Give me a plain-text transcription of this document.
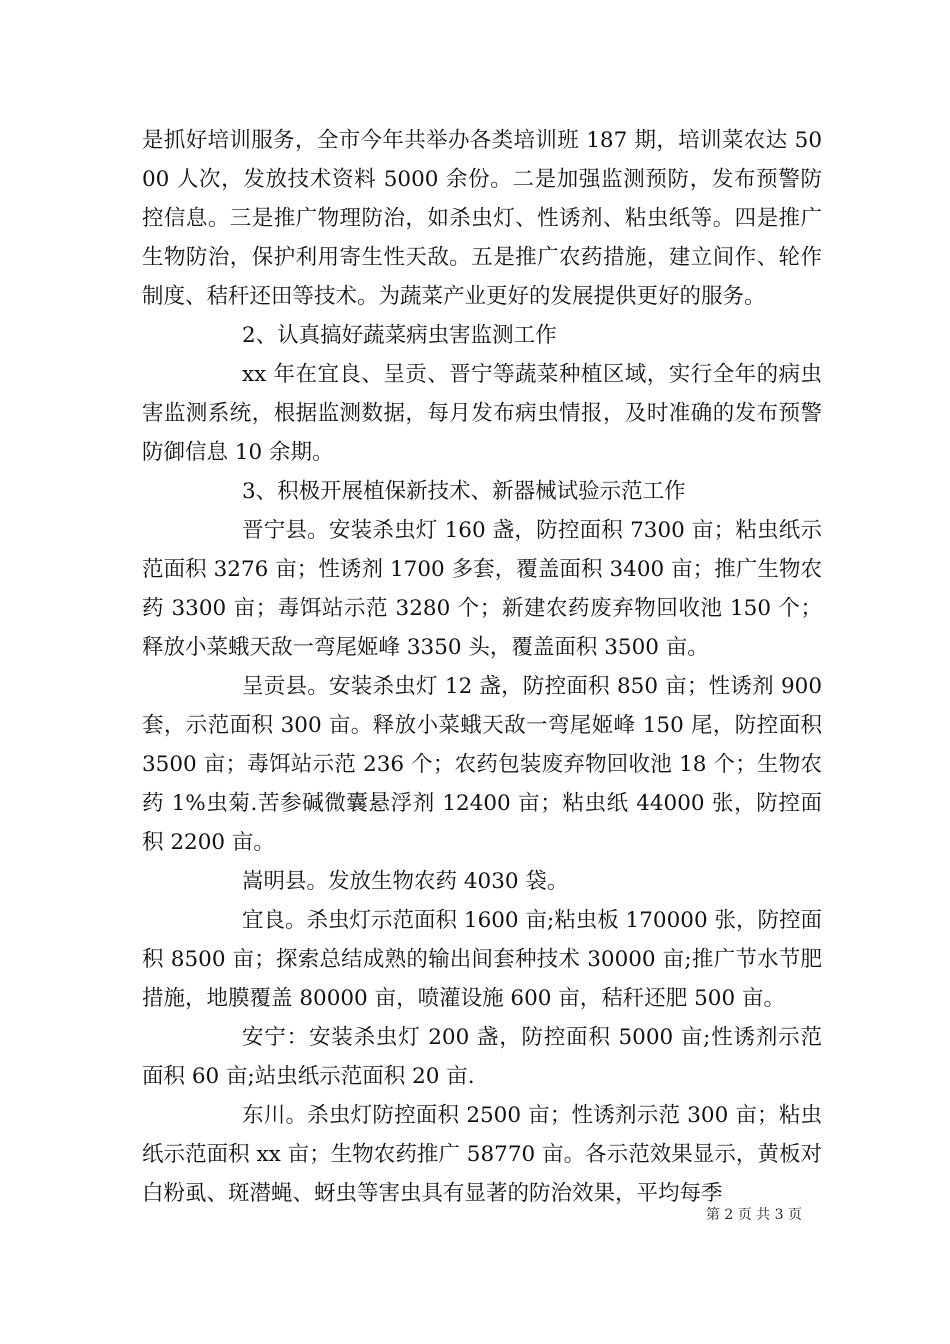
是抓好培训服务，全市今年共举办各类培训班 187 期，培训菜农达 5000 人次，发放技术资料 5000 余份。二是加强监测预防，发布预警防控信息。三是推广物理防治，如杀虫灯、性诱剂、粘虫纸等。四是推广生物防治，保护利用寄生性天敌。五是推广农药措施，建立间作、轮作制度、秸秆还田等技术。为蔬菜产业更好的发展提供更好的服务。

2、认真搞好蔬菜病虫害监测工作

xx 年在宜良、呈贡、晋宁等蔬菜种植区域，实行全年的病虫害监测系统，根据监测数据，每月发布病虫情报，及时准确的发布预警防御信息 10 余期。

3、积极开展植保新技术、新器械试验示范工作

晋宁县。安装杀虫灯 160 盏，防控面积 7300 亩；粘虫纸示范面积 3276 亩；性诱剂 1700 多套，覆盖面积 3400 亩；推广生物农药 3300 亩；毒饵站示范 3280 个；新建农药废弃物回收池 150 个；释放小菜蛾天敌一弯尾姬峰 3350 头，覆盖面积 3500 亩。

呈贡县。安装杀虫灯 12 盏，防控面积 850 亩；性诱剂 900 套，示范面积 300 亩。释放小菜蛾天敌一弯尾姬峰 150 尾，防控面积 3500 亩；毒饵站示范 236 个；农药包装废弃物回收池 18 个；生物农药 1%虫菊.苦参碱微囊悬浮剂 12400 亩；粘虫纸 44000 张，防控面积 2200 亩。

嵩明县。发放生物农药 4030 袋。

宜良。杀虫灯示范面积 1600 亩;粘虫板 170000 张，防控面积 8500 亩；探索总结成熟的输出间套种技术 30000 亩;推广节水节肥措施，地膜覆盖 80000 亩，喷灌设施 600 亩，秸秆还肥 500 亩。

安宁：安装杀虫灯 200 盏，防控面积 5000 亩;性诱剂示范面积 60 亩;站虫纸示范面积 20 亩.

东川。杀虫灯防控面积 2500 亩；性诱剂示范 300 亩；粘虫纸示范面积 xx 亩；生物农药推广 58770 亩。各示范效果显示，黄板对白粉虱、斑潜蝇、蚜虫等害虫具有显著的防治效果，平均每季

第 2 页 共 3 页
